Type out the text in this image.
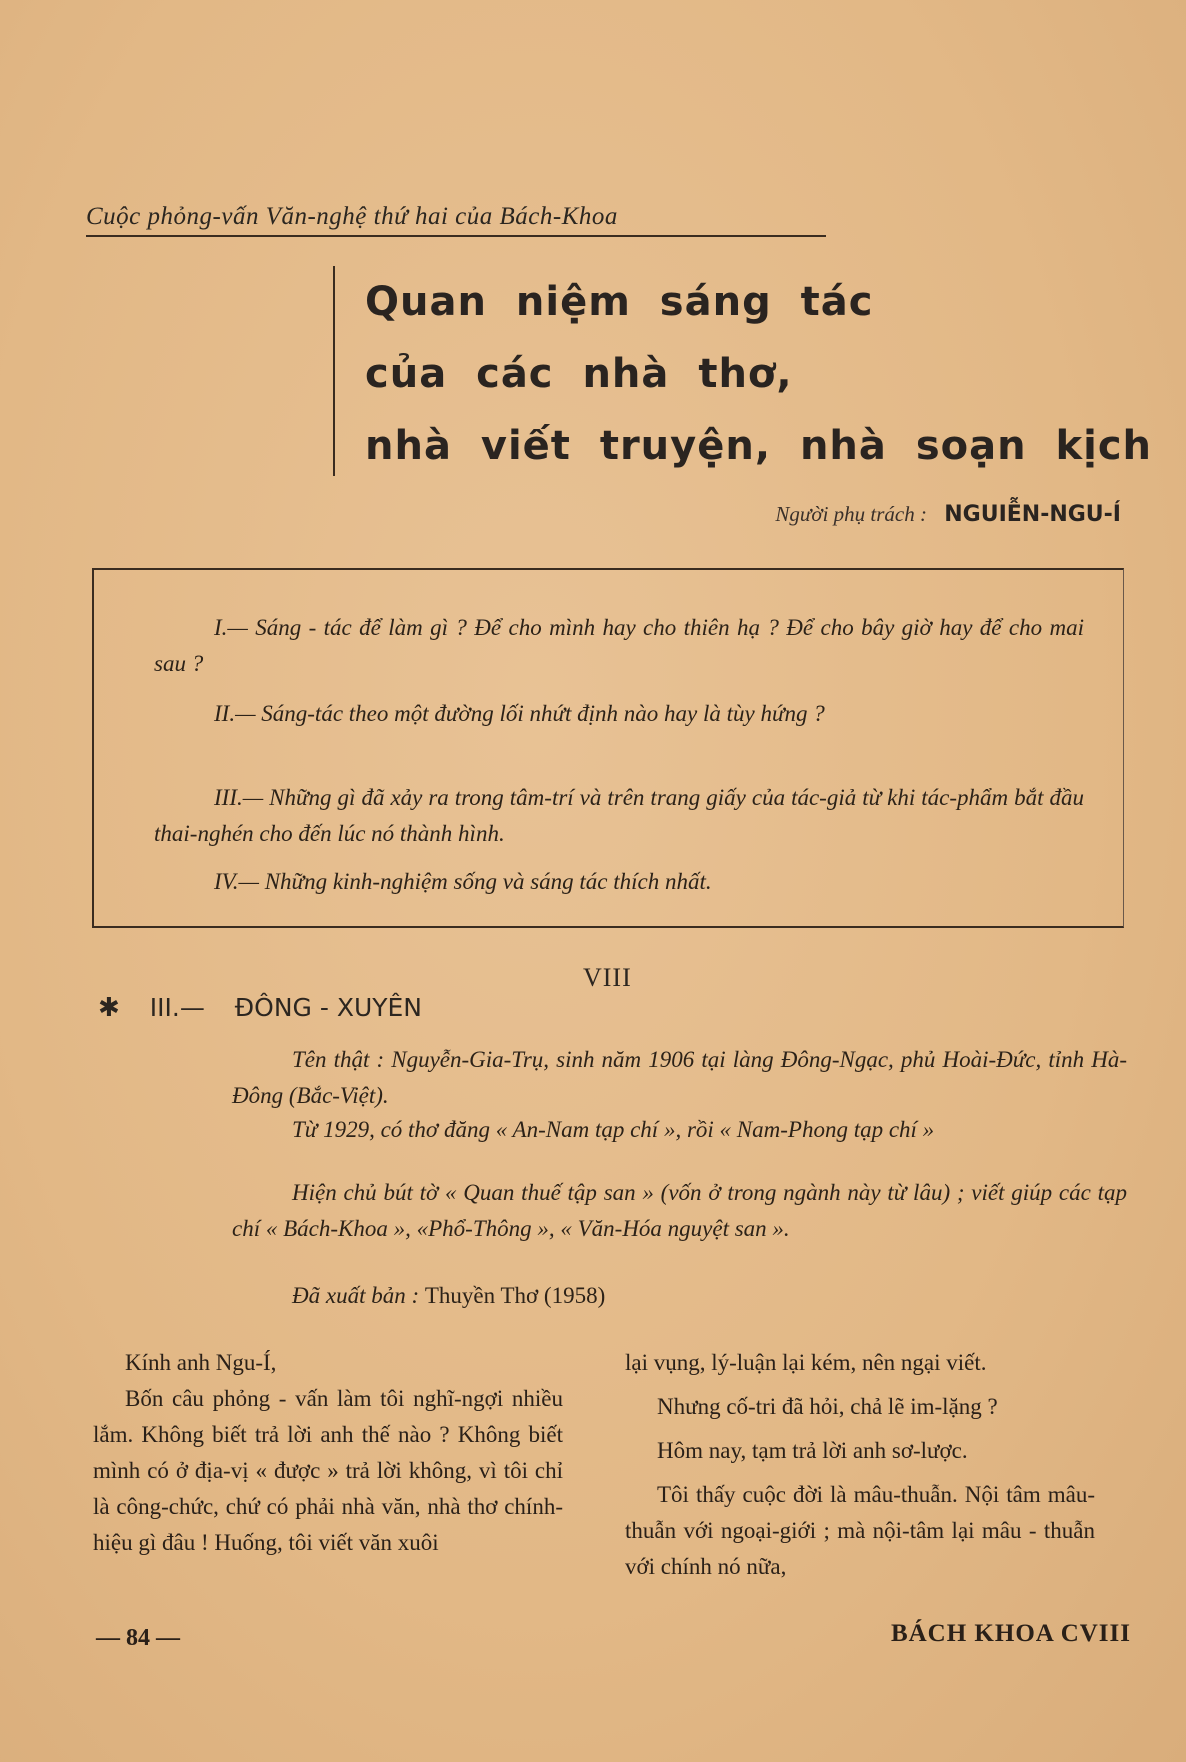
Cuộc phỏng-vấn Văn-nghệ thứ hai của Bách-Khoa
Quan niệm sáng tác
của các nhà thơ,
nhà viết truyện, nhà soạn kịch
Người phụ trách : NGUIỄN-NGU-Í
I.— Sáng - tác để làm gì ? Để cho mình hay cho thiên hạ ? Để cho bây giờ hay để cho mai sau ?
II.— Sáng-tác theo một đường lối nhứt định nào hay là tùy hứng ?
III.— Những gì đã xảy ra trong tâm-trí và trên trang giấy của tác-giả từ khi tác-phẩm bắt đầu thai-nghén cho đến lúc nó thành hình.
IV.— Những kinh-nghiệm sống và sáng tác thích nhất.
VIII
✱ III.— ĐÔNG - XUYÊN
Tên thật : Nguyễn-Gia-Trụ, sinh năm 1906 tại làng Đông-Ngạc, phủ Hoài-Đức, tỉnh Hà-Đông (Bắc-Việt).
Từ 1929, có thơ đăng « An-Nam tạp chí », rồi « Nam-Phong tạp chí »
Hiện chủ bút tờ « Quan thuế tập san » (vốn ở trong ngành này từ lâu) ; viết giúp các tạp chí « Bách-Khoa », «Phổ-Thông », « Văn-Hóa nguyệt san ».
Đã xuất bản : Thuyền Thơ (1958)

Kính anh Ngu-Í,

Bốn câu phỏng - vấn làm tôi nghĩ-ngợi nhiều lắm. Không biết trả lời anh thế nào ? Không biết mình có ở địa-vị « được » trả lời không, vì tôi chỉ là công-chức, chứ có phải nhà văn, nhà thơ chính-hiệu gì đâu ! Huống, tôi viết văn xuôi

lại vụng, lý-luận lại kém, nên ngại viết.

Nhưng cố-tri đã hỏi, chả lẽ im-lặng ?

Hôm nay, tạm trả lời anh sơ-lược.

Tôi thấy cuộc đời là mâu-thuẫn. Nội tâm mâu-thuẫn với ngoại-giới ; mà nội-tâm lại mâu - thuẫn với chính nó nữa,

— 84 —	BÁCH KHOA CVIII
